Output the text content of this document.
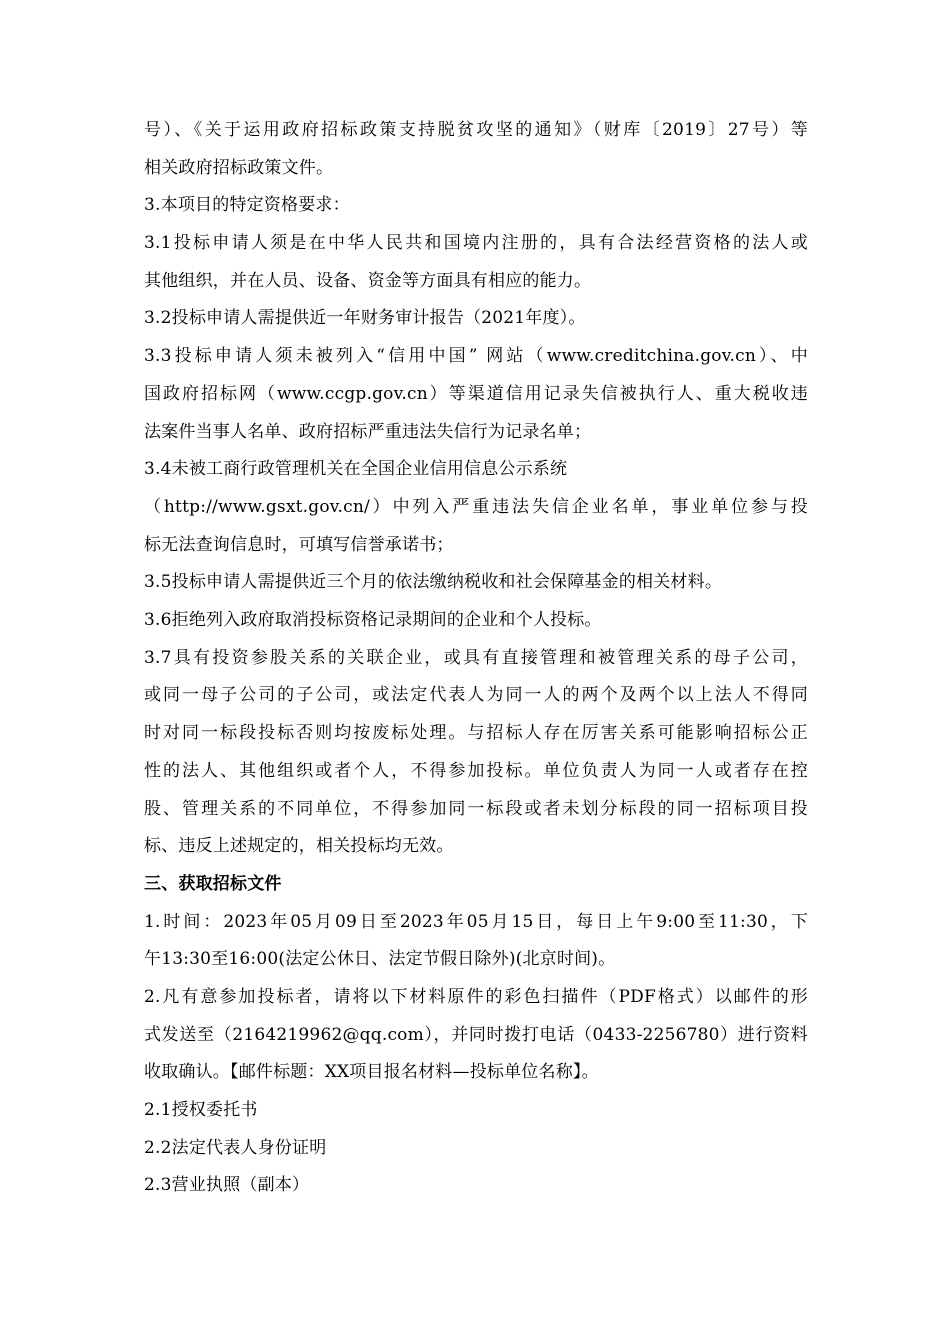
号）、《关于运用政府招标政策支持脱贫攻坚的通知》（财库〔2019〕27号）等
相关政府招标政策文件。
3.本项目的特定资格要求：
3.1投标申请人须是在中华人民共和国境内注册的，具有合法经营资格的法人或
其他组织，并在人员、设备、资金等方面具有相应的能力。
3.2投标申请人需提供近一年财务审计报告（2021年度）。
3.3投标申请人须未被列入“信用中国” 网站（www.creditchina.gov.cn）、中
国政府招标网（www.ccgp.gov.cn）等渠道信用记录失信被执行人、重大税收违
法案件当事人名单、政府招标严重违法失信行为记录名单；
3.4未被工商行政管理机关在全国企业信用信息公示系统
（http://www.gsxt.gov.cn/）中列入严重违法失信企业名单，事业单位参与投
标无法查询信息时，可填写信誉承诺书；
3.5投标申请人需提供近三个月的依法缴纳税收和社会保障基金的相关材料。
3.6拒绝列入政府取消投标资格记录期间的企业和个人投标。
3.7具有投资参股关系的关联企业，或具有直接管理和被管理关系的母子公司，
或同一母子公司的子公司，或法定代表人为同一人的两个及两个以上法人不得同
时对同一标段投标否则均按废标处理。与招标人存在厉害关系可能影响招标公正
性的法人、其他组织或者个人，不得参加投标。单位负责人为同一人或者存在控
股、管理关系的不同单位，不得参加同一标段或者未划分标段的同一招标项目投
标、违反上述规定的，相关投标均无效。
三、获取招标文件
1.时间：2023年05月09日至2023年05月15日，每日上午9:00至11:30，下
午13:30至16:00(法定公休日、法定节假日除外)(北京时间)。
2.凡有意参加投标者，请将以下材料原件的彩色扫描件（PDF格式）以邮件的形
式发送至（2164219962@qq.com），并同时拨打电话（0433-2256780）进行资料
收取确认。【邮件标题：XX项目报名材料—投标单位名称】。
2.1授权委托书
2.2法定代表人身份证明
2.3营业执照（副本）
